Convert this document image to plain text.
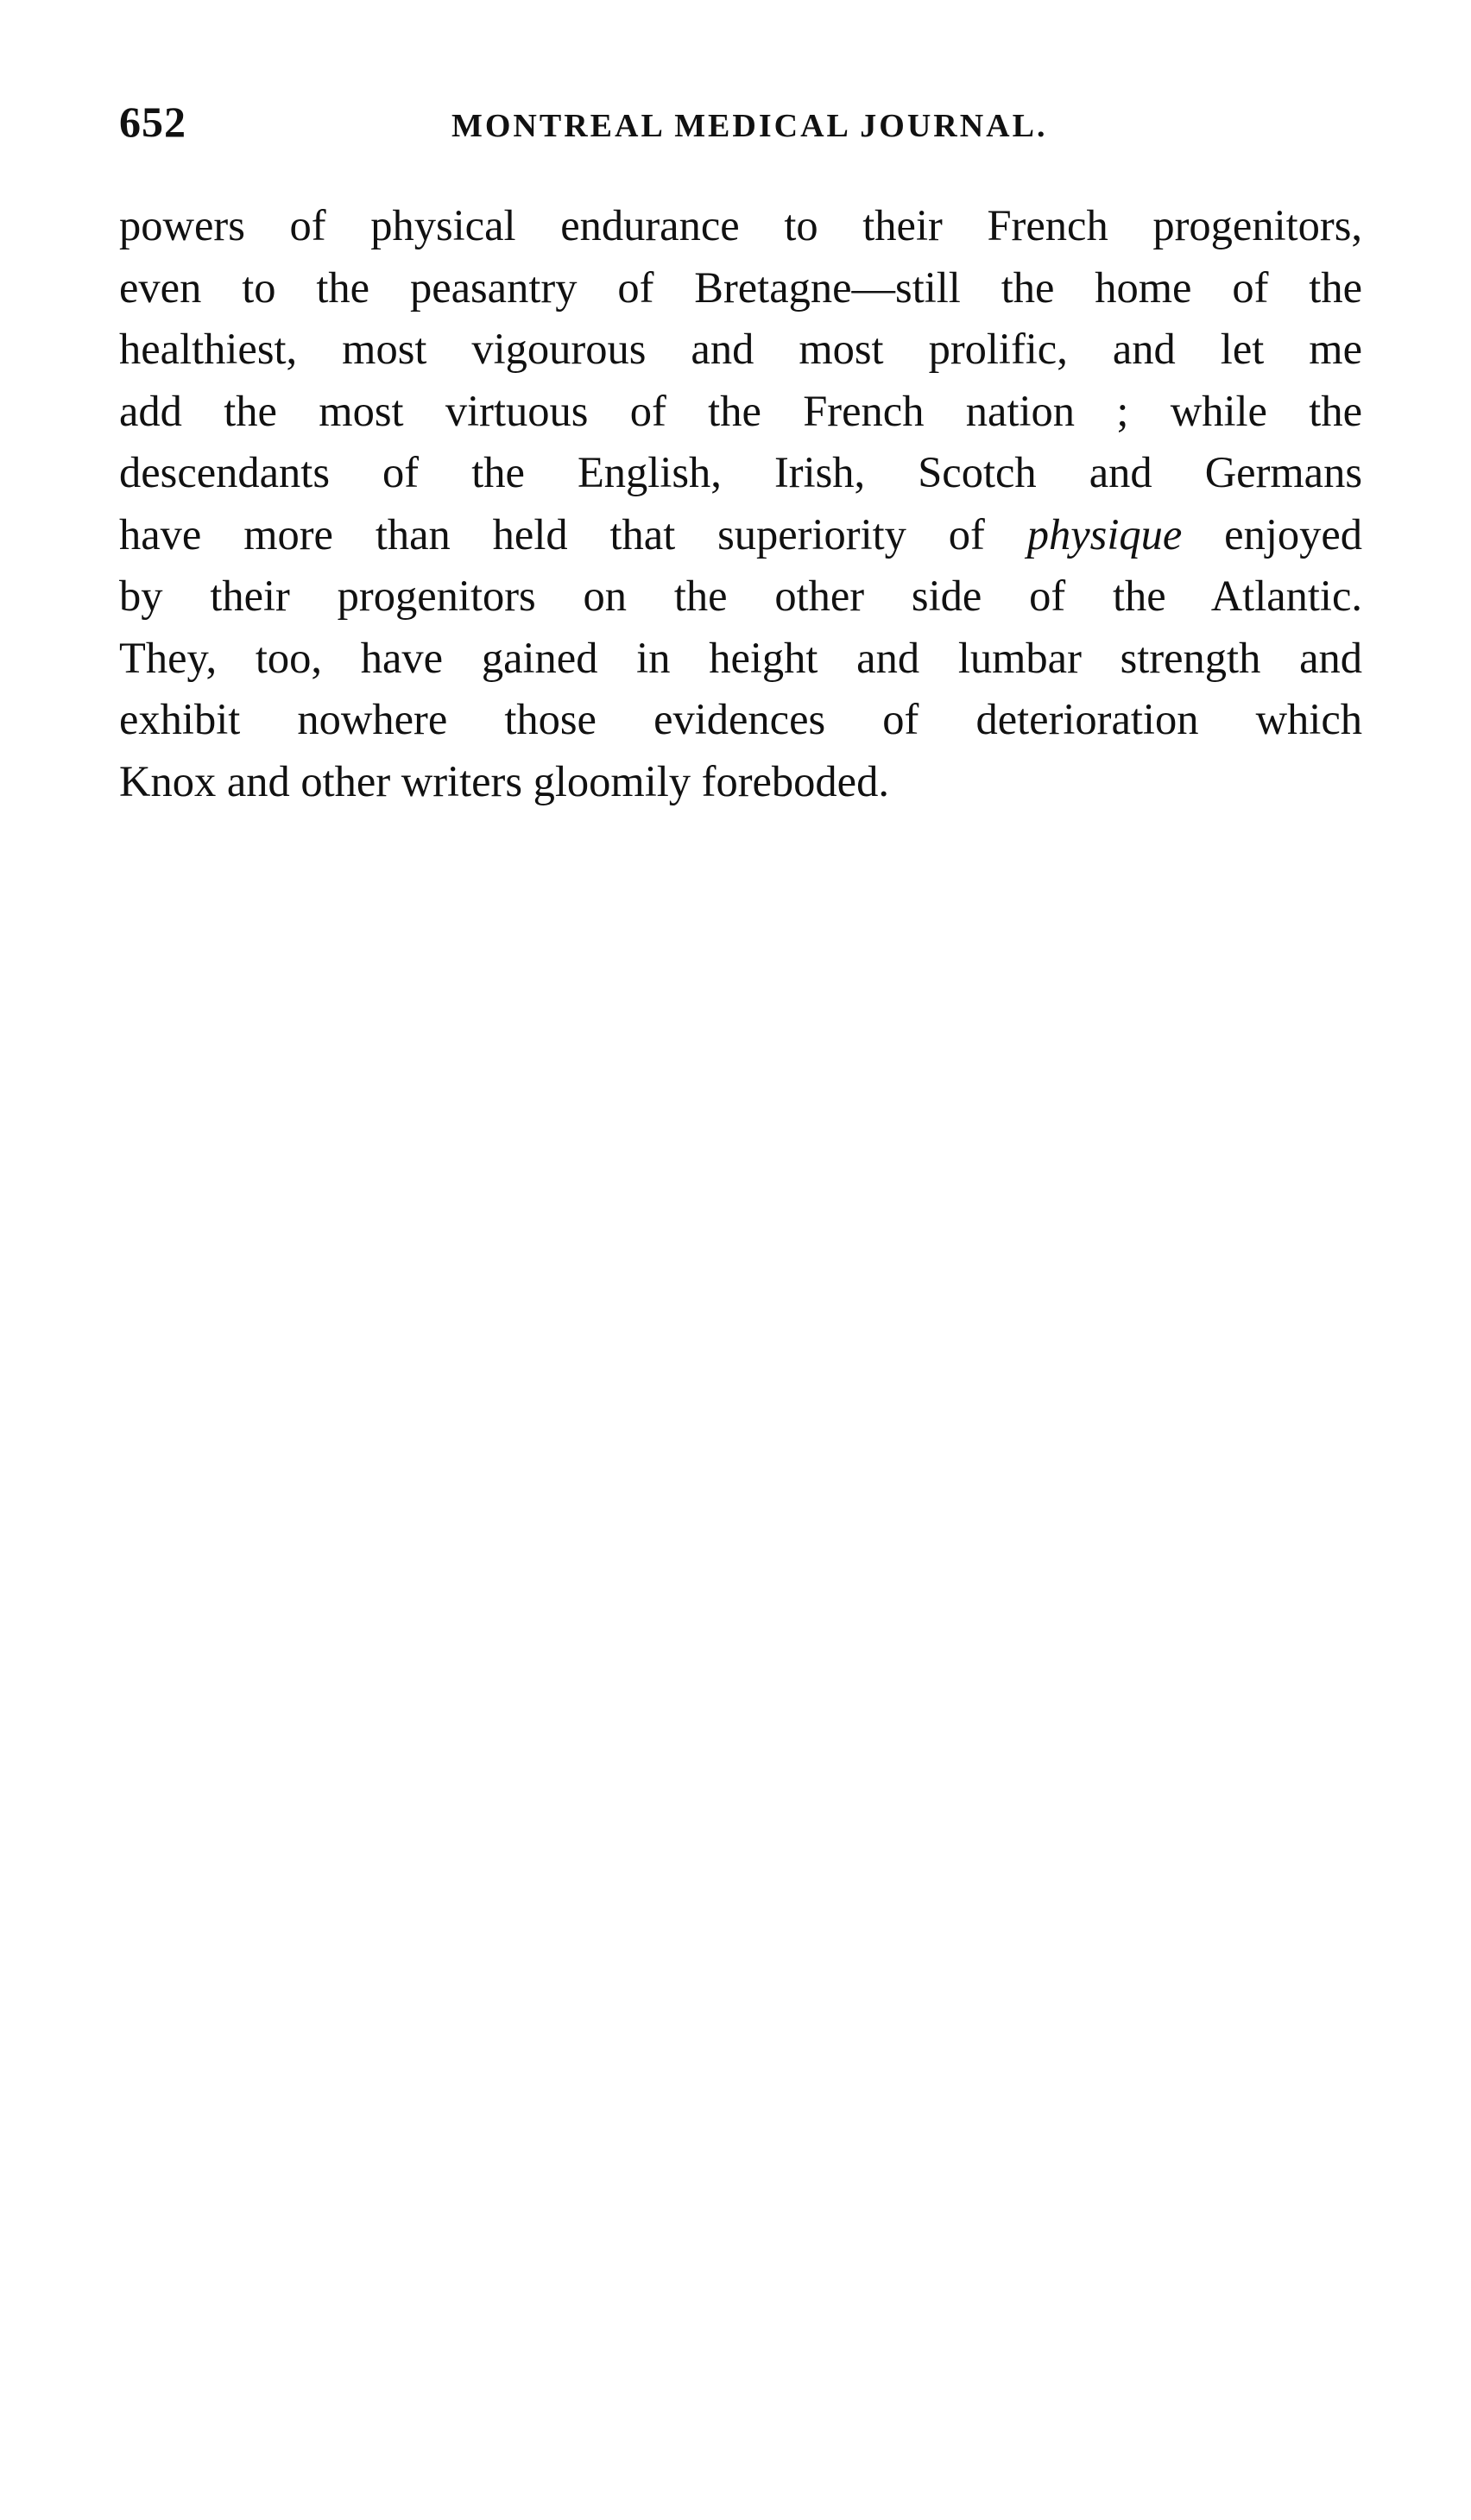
652	MONTREAL MEDICAL JOURNAL.

powers of physical endurance to their French progenitors,
even to the peasantry of Bretagne—still the home of the
healthiest, most vigourous and most prolific, and let me
add the most virtuous of the French nation ; while the
descendants of the English, Irish, Scotch and Germans
have more than held that superiority of physique enjoyed
by their progenitors on the other side of the Atlantic.
They, too, have gained in height and lumbar strength and
exhibit nowhere those evidences of deterioration which
Knox and other writers gloomily foreboded.
